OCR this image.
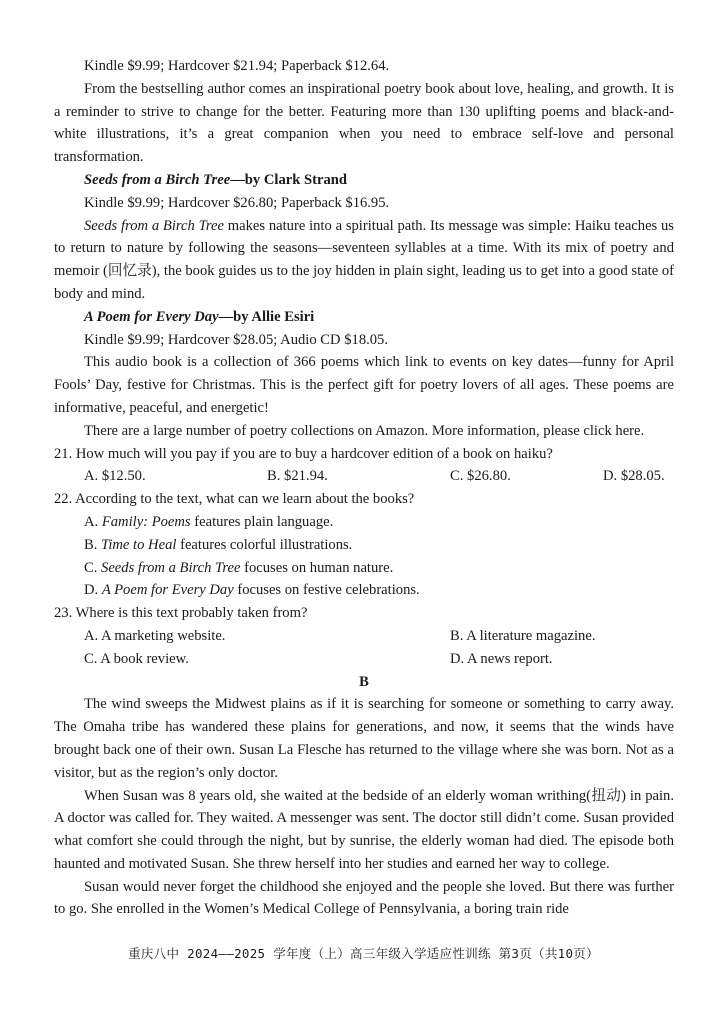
Kindle $9.99; Hardcover $21.94; Paperback $12.64.

From the bestselling author comes an inspirational poetry book about love, healing, and growth. It is a reminder to strive to change for the better. Featuring more than 130 uplifting poems and black-and-white illustrations, it’s a great companion when you need to embrace self-love and personal transformation.

Seeds from a Birch Tree—by Clark Strand

Kindle $9.99; Hardcover $26.80; Paperback $16.95.

Seeds from a Birch Tree makes nature into a spiritual path. Its message was simple: Haiku teaches us to return to nature by following the seasons—seventeen syllables at a time. With its mix of poetry and memoir (回忆录), the book guides us to the joy hidden in plain sight, leading us to get into a good state of body and mind.

A Poem for Every Day—by Allie Esiri

Kindle $9.99; Hardcover $28.05; Audio CD $18.05.

This audio book is a collection of 366 poems which link to events on key dates—funny for April Fools’ Day, festive for Christmas. This is the perfect gift for poetry lovers of all ages. These poems are informative, peaceful, and energetic!

There are a large number of poetry collections on Amazon. More information, please click here.

21. How much will you pay if you are to buy a hardcover edition of a book on haiku?

A. $12.50.	B. $21.94.	C. $26.80.	D. $28.05.

22. According to the text, what can we learn about the books?

A. Family: Poems features plain language.

B. Time to Heal features colorful illustrations.

C. Seeds from a Birch Tree focuses on human nature.

D. A Poem for Every Day focuses on festive celebrations.

23. Where is this text probably taken from?

A. A marketing website.	B. A literature magazine.
C. A book review.	D. A news report.

B

The wind sweeps the Midwest plains as if it is searching for someone or something to carry away. The Omaha tribe has wandered these plains for generations, and now, it seems that the winds have brought back one of their own. Susan La Flesche has returned to the village where she was born. Not as a visitor, but as the region’s only doctor.

When Susan was 8 years old, she waited at the bedside of an elderly woman writhing(扭动) in pain. A doctor was called for. They waited. A messenger was sent. The doctor still didn’t come. Susan provided what comfort she could through the night, but by sunrise, the elderly woman had died. The episode both haunted and motivated Susan. She threw herself into her studies and earned her way to college.

Susan would never forget the childhood she enjoyed and the people she loved. But there was further to go. She enrolled in the Women’s Medical College of Pennsylvania, a boring train ride

重庆八中 2024——2025 学年度（上）高三年级入学适应性训练 第3页（共10页）
